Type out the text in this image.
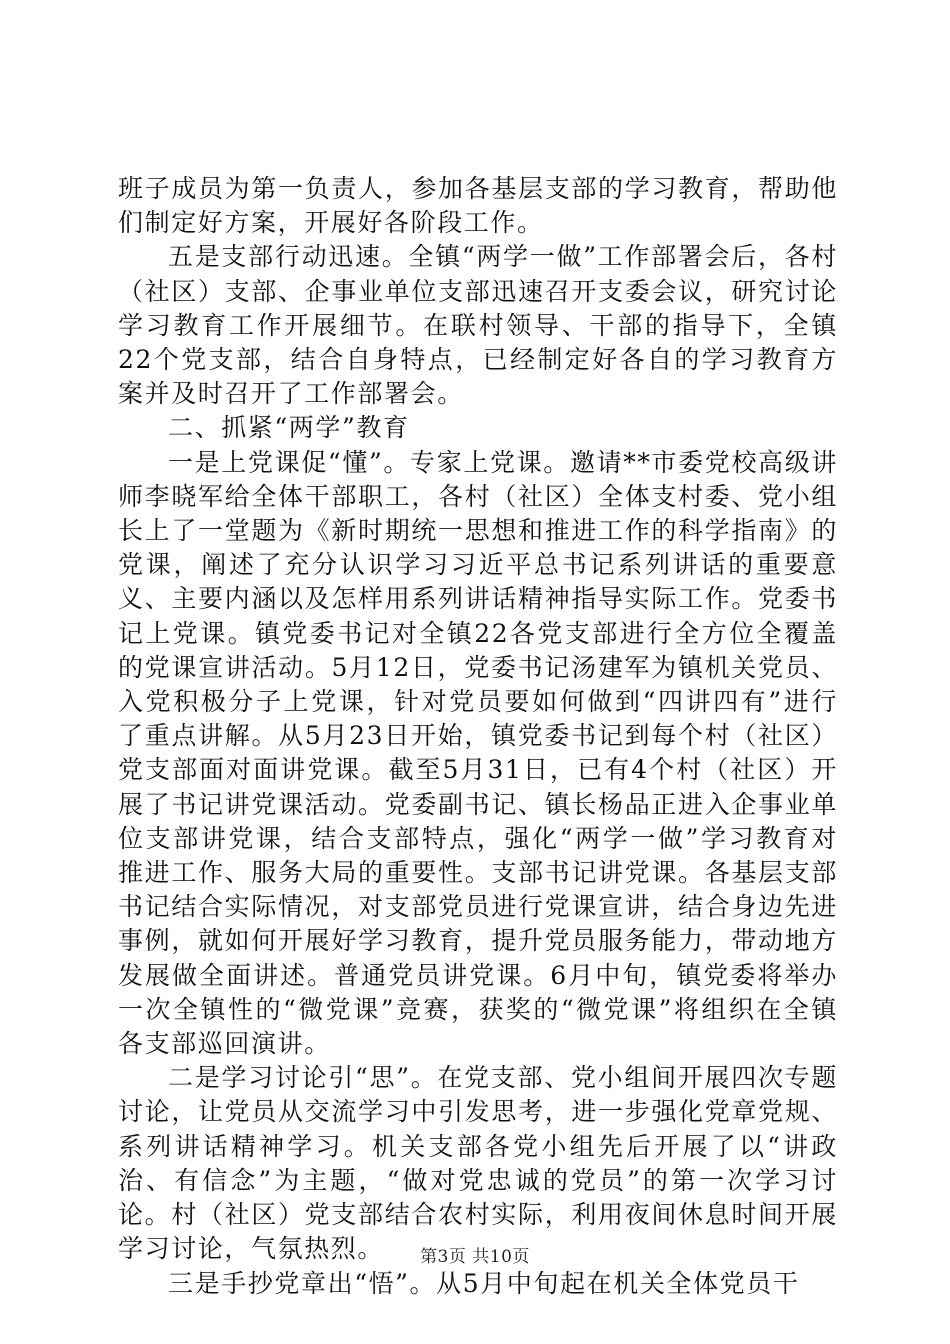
班子成员为第一负责人，参加各基层支部的学习教育，帮助他们制定好方案，开展好各阶段工作。

五是支部行动迅速。全镇“两学一做”工作部署会后，各村（社区）支部、企事业单位支部迅速召开支委会议，研究讨论学习教育工作开展细节。在联村领导、干部的指导下，全镇22个党支部，结合自身特点，已经制定好各自的学习教育方案并及时召开了工作部署会。

二、抓紧“两学”教育

一是上党课促“懂”。专家上党课。邀请**市委党校高级讲师李晓军给全体干部职工，各村（社区）全体支村委、党小组长上了一堂题为《新时期统一思想和推进工作的科学指南》的党课，阐述了充分认识学习习近平总书记系列讲话的重要意义、主要内涵以及怎样用系列讲话精神指导实际工作。党委书记上党课。镇党委书记对全镇22各党支部进行全方位全覆盖的党课宣讲活动。5月12日，党委书记汤建军为镇机关党员、入党积极分子上党课，针对党员要如何做到“四讲四有”进行了重点讲解。从5月23日开始，镇党委书记到每个村（社区）党支部面对面讲党课。截至5月31日，已有4个村（社区）开展了书记讲党课活动。党委副书记、镇长杨品正进入企事业单位支部讲党课，结合支部特点，强化“两学一做”学习教育对推进工作、服务大局的重要性。支部书记讲党课。各基层支部书记结合实际情况，对支部党员进行党课宣讲，结合身边先进事例，就如何开展好学习教育，提升党员服务能力，带动地方发展做全面讲述。普通党员讲党课。6月中旬，镇党委将举办一次全镇性的“微党课”竞赛，获奖的“微党课”将组织在全镇各支部巡回演讲。

二是学习讨论引“思”。在党支部、党小组间开展四次专题讨论，让党员从交流学习中引发思考，进一步强化党章党规、系列讲话精神学习。机关支部各党小组先后开展了以“讲政治、有信念”为主题，“做对党忠诚的党员”的第一次学习讨论。村（社区）党支部结合农村实际，利用夜间休息时间开展学习讨论，气氛热烈。

三是手抄党章出“悟”。从5月中旬起在机关全体党员干

第3页 共10页
